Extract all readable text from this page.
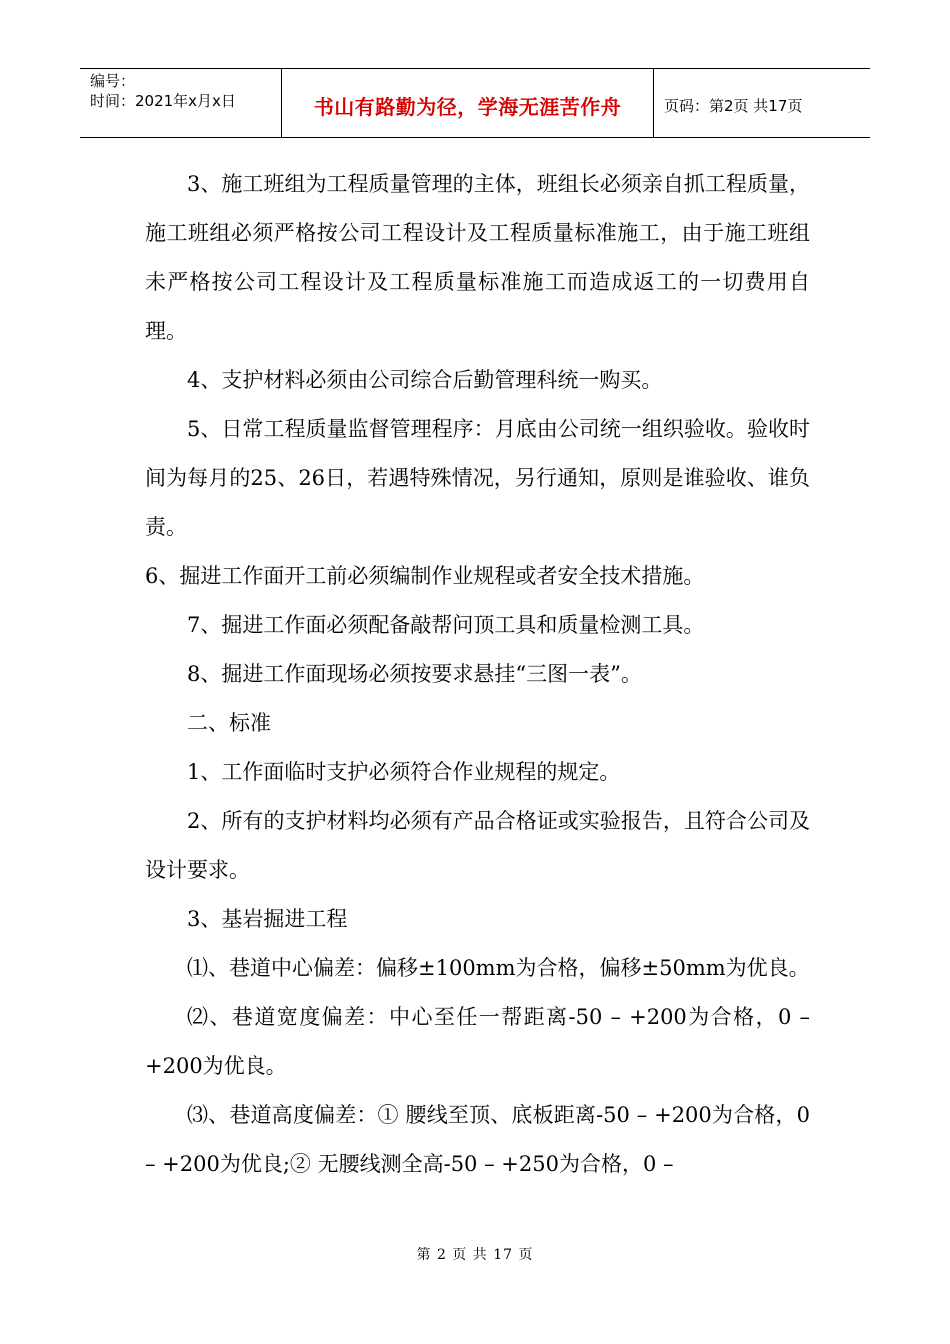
编号：
时间：2021年x月x日	书山有路勤为径，学海无涯苦作舟	页码：第2页 共17页

3、施工班组为工程质量管理的主体，班组长必须亲自抓工程质量，施工班组必须严格按公司工程设计及工程质量标准施工，由于施工班组未严格按公司工程设计及工程质量标准施工而造成返工的一切费用自理。

4、支护材料必须由公司综合后勤管理科统一购买。

5、日常工程质量监督管理程序：月底由公司统一组织验收。验收时间为每月的25、26日，若遇特殊情况，另行通知，原则是谁验收、谁负责。

6、掘进工作面开工前必须编制作业规程或者安全技术措施。

7、掘进工作面必须配备敲帮问顶工具和质量检测工具。

8、掘进工作面现场必须按要求悬挂“三图一表”。

二、标准

1、工作面临时支护必须符合作业规程的规定。

2、所有的支护材料均必须有产品合格证或实验报告，且符合公司及设计要求。

3、基岩掘进工程

⑴、巷道中心偏差：偏移±100mm为合格，偏移±50mm为优良。

⑵、巷道宽度偏差：中心至任一帮距离-50 – +200为合格，0 – +200为优良。

⑶、巷道高度偏差：① 腰线至顶、底板距离-50 – +200为合格，0 – +200为优良;② 无腰线测全高-50 – +250为合格，0 –

第 2 页 共 17 页
